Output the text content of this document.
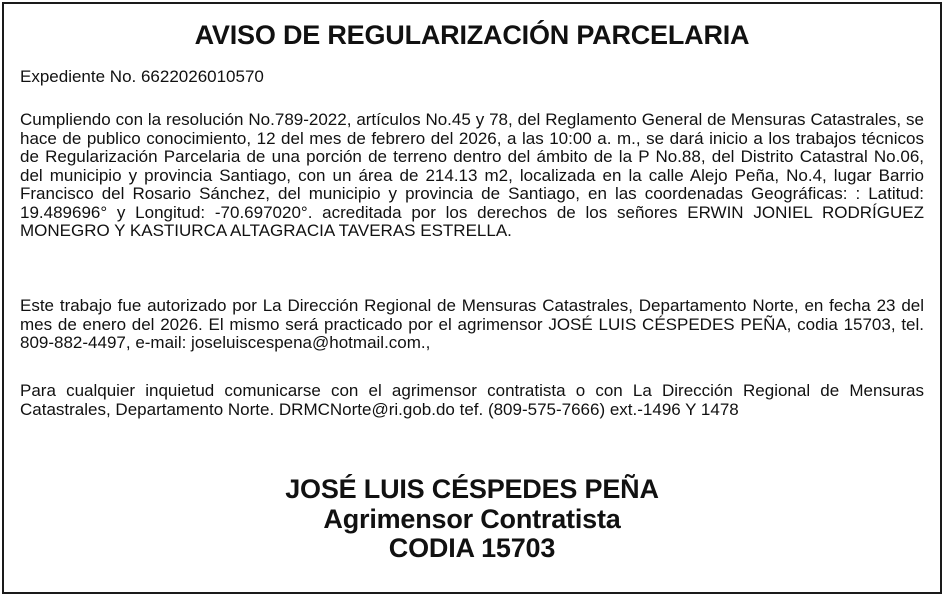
AVISO DE REGULARIZACIÓN PARCELARIA

Expediente No. 6622026010570

Cumpliendo con la resolución No.789-2022, artículos No.45 y 78, del Reglamento General de Mensuras Catastrales, se hace de publico conocimiento, 12 del mes de febrero del 2026, a las 10:00 a. m., se dará inicio a los trabajos técnicos de Regularización Parcelaria de una porción de terreno dentro del ámbito de la P No.88, del Distrito Catastral No.06, del municipio y provincia Santiago, con un área de 214.13 m2, localizada en la calle Alejo Peña, No.4, lugar Barrio Francisco del Rosario Sánchez, del municipio y provincia de Santiago, en las coordenadas Geográficas: : Latitud: 19.489696° y Longitud: -70.697020°. acreditada por los derechos de los señores ERWIN JONIEL RODRÍGUEZ MONEGRO Y KASTIURCA ALTAGRACIA TAVERAS ESTRELLA.

Este trabajo fue autorizado por La Dirección Regional de Mensuras Catastrales, Departamento Norte, en fecha 23 del mes de enero del 2026. El mismo será practicado por el agrimensor JOSÉ LUIS CÉSPEDES PEÑA, codia 15703, tel. 809-882-4497, e-mail: joseluiscespena@hotmail.com.,

Para cualquier inquietud comunicarse con el agrimensor contratista o con La Dirección Regional de Mensuras Catastrales, Departamento Norte. DRMCNorte@ri.gob.do tef. (809-575-7666) ext.-1496 Y 1478

JOSÉ LUIS CÉSPEDES PEÑA

Agrimensor Contratista

CODIA 15703
